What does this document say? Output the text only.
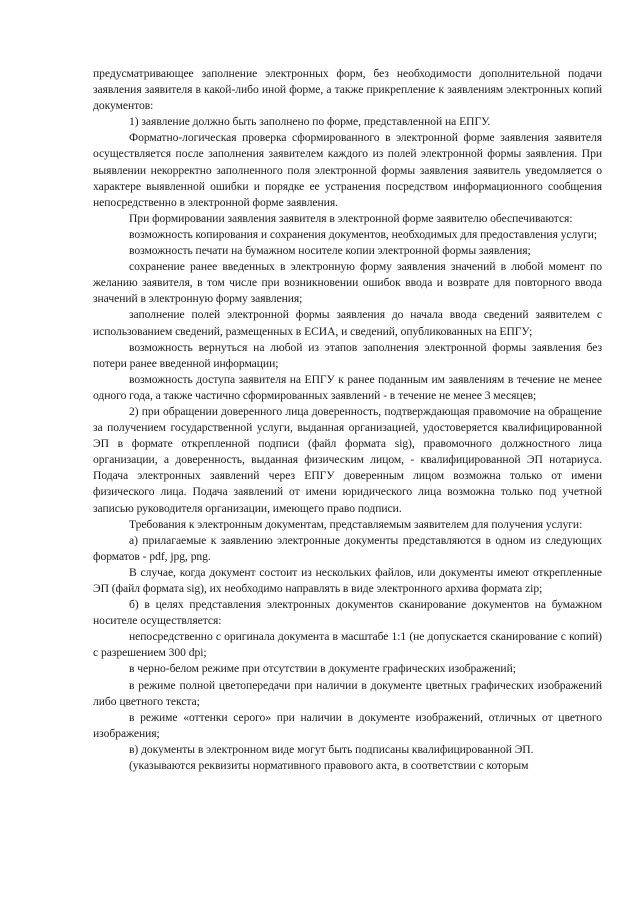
предусматривающее заполнение электронных форм, без необходимости дополнительной подачи заявления заявителя в какой-либо иной форме, а также прикрепление к заявлениям электронных копий документов:

1) заявление должно быть заполнено по форме, представленной на ЕПГУ.

Форматно-логическая проверка сформированного в электронной форме заявления заявителя осуществляется после заполнения заявителем каждого из полей электронной формы заявления. При выявлении некорректно заполненного поля электронной формы заявления заявитель уведомляется о характере выявленной ошибки и порядке ее устранения посредством информационного сообщения непосредственно в электронной форме заявления.

При формировании заявления заявителя в электронной форме заявителю обеспечиваются:

возможность копирования и сохранения документов, необходимых для предоставления услуги;

возможность печати на бумажном носителе копии электронной формы заявления;

сохранение ранее введенных в электронную форму заявления значений в любой момент по желанию заявителя, в том числе при возникновении ошибок ввода и возврате для повторного ввода значений в электронную форму заявления;

заполнение полей электронной формы заявления до начала ввода сведений заявителем с использованием сведений, размещенных в ЕСИА, и сведений, опубликованных на ЕПГУ;

возможность вернуться на любой из этапов заполнения электронной формы заявления без потери ранее введенной информации;

возможность доступа заявителя на ЕПГУ к ранее поданным им заявлениям в течение не менее одного года, а также частично сформированных заявлений - в течение не менее 3 месяцев;

2) при обращении доверенного лица доверенность, подтверждающая правомочие на обращение за получением государственной услуги, выданная организацией, удостоверяется квалифицированной ЭП в формате открепленной подписи (файл формата sig), правомочного должностного лица организации, а доверенность, выданная физическим лицом, - квалифицированной ЭП нотариуса. Подача электронных заявлений через ЕПГУ доверенным лицом возможна только от имени физического лица. Подача заявлений от имени юридического лица возможна только под учетной записью руководителя организации, имеющего право подписи.

Требования к электронным документам, представляемым заявителем для получения услуги:

а) прилагаемые к заявлению электронные документы представляются в одном из следующих форматов - pdf, jpg, png.

В случае, когда документ состоит из нескольких файлов, или документы имеют открепленные ЭП (файл формата sig), их необходимо направлять в виде электронного архива формата zip;

б) в целях представления электронных документов сканирование документов на бумажном носителе осуществляется:

непосредственно с оригинала документа в масштабе 1:1 (не допускается сканирование с копий) с разрешением 300 dpi;

в черно-белом режиме при отсутствии в документе графических изображений;

в режиме полной цветопередачи при наличии в документе цветных графических изображений либо цветного текста;

в режиме «оттенки серого» при наличии в документе изображений, отличных от цветного изображения;

в) документы в электронном виде могут быть подписаны квалифицированной ЭП.

(указываются реквизиты нормативного правового акта, в соответствии с которым
